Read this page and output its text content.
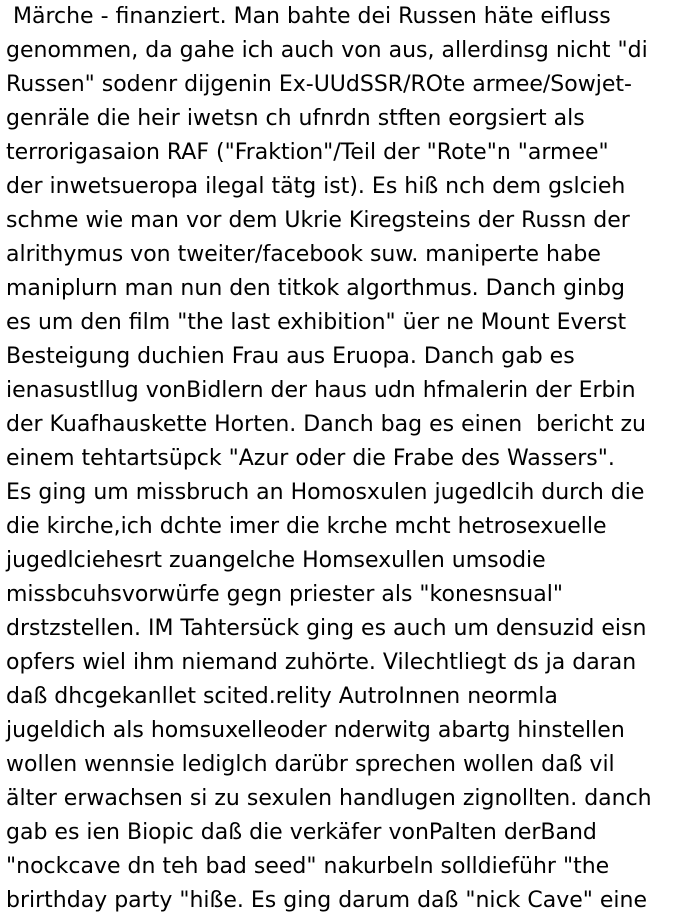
Märche - finanziert. Man bahte dei Russen häte eifluss
genommen, da gahe ich auch von aus, allerdinsg nicht "di
Russen" sodenr dijgenin Ex-UUdSSR/ROte armee/Sowjet-
genräle die heir iwetsn ch ufnrdn stften eorgsiert als
terrorigasaion RAF ("Fraktion"/Teil der "Rote"n "armee"
der inwetsueropa ilegal tätg ist). Es hiß nch dem gslcieh
schme wie man vor dem Ukrie Kiregsteins der Russn der
alrithymus von tweiter/facebook suw. maniperte habe
maniplurn man nun den titkok algorthmus. Danch ginbg
es um den film "the last exhibition" üer ne Mount Everst
Besteigung duchien Frau aus Eruopa. Danch gab es
ienasustllug vonBidlern der haus udn hfmalerin der Erbin
der Kuafhauskette Horten. Danch bag es einen  bericht zu
einem tehtartsüpck "Azur oder die Frabe des Wassers".
Es ging um missbruch an Homosxulen jugedlcih durch die
die kirche,ich dchte imer die krche mcht hetrosexuelle
jugedlciehesrt zuangelche Homsexullen umsodie
missbcuhsvorwürfe gegn priester als "konesnsual"
drstzstellen. IM Tahtersück ging es auch um densuzid eisn
opfers wiel ihm niemand zuhörte. Vilechtliegt ds ja daran
daß dhcgekanllet scited.relity AutroInnen neormla
jugeldich als homsuxelleoder nderwitg abartg hinstellen
wollen wennsie lediglch darübr sprechen wollen daß vil
älter erwachsen si zu sexulen handlugen zignollten. danch
gab es ien Biopic daß die verkäfer vonPalten derBand
"nockcave dn teh bad seed" nakurbeln solldieführ "the
brirthday party "hiße. Es ging darum daß "nick Cave" eine
